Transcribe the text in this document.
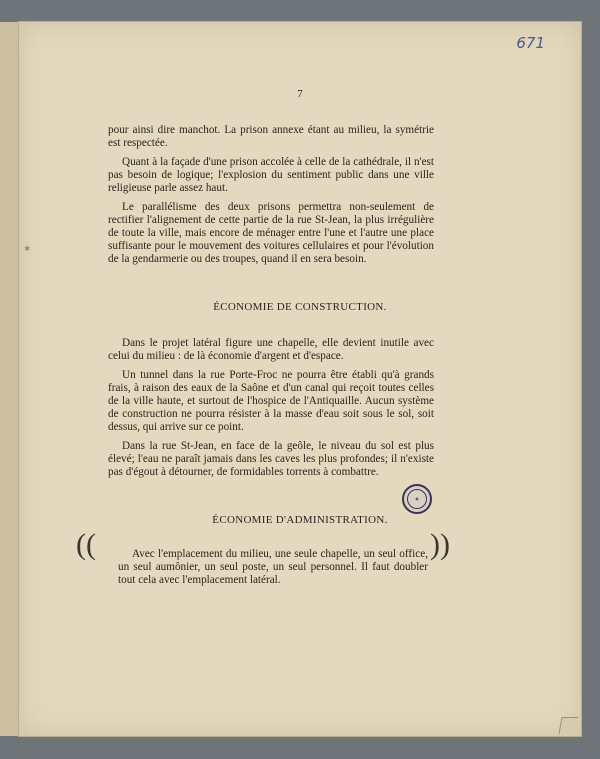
✶
671
7

pour ainsi dire manchot. La prison annexe étant au milieu, la symétrie est respectée.

Quant à la façade d'une prison accolée à celle de la cathédrale, il n'est pas besoin de logique; l'explosion du sentiment public dans une ville religieuse parle assez haut.

Le parallélisme des deux prisons permettra non-seulement de rectifier l'alignement de cette partie de la rue St-Jean, la plus irrégulière de toute la ville, mais encore de ménager entre l'une et l'autre une place suffisante pour le mouvement des voitures cellulaires et pour l'évolution de la gendarmerie ou des troupes, quand il en sera besoin.

ÉCONOMIE DE CONSTRUCTION.

Dans le projet latéral figure une chapelle, elle devient inutile avec celui du milieu : de là économie d'argent et d'espace.

Un tunnel dans la rue Porte-Froc ne pourra être établi qu'à grands frais, à raison des eaux de la Saône et d'un canal qui reçoit toutes celles de la ville haute, et surtout de l'hospice de l'Antiquaille. Aucun système de construction ne pourra résister à la masse d'eau soit sous le sol, soit dessus, qui arrive sur ce point.

Dans la rue St-Jean, en face de la geôle, le niveau du sol est plus élevé; l'eau ne paraît jamais dans les caves les plus profondes; il n'existe pas d'égout à détourner, de formidables torrents à combattre.

ÉCONOMIE D'ADMINISTRATION.
◉
((	Avec l'emplacement du milieu, une seule chapelle, un seul office, un seul aumônier, un seul poste, un seul personnel. Il faut doubler tout cela avec l'emplacement latéral.

))
